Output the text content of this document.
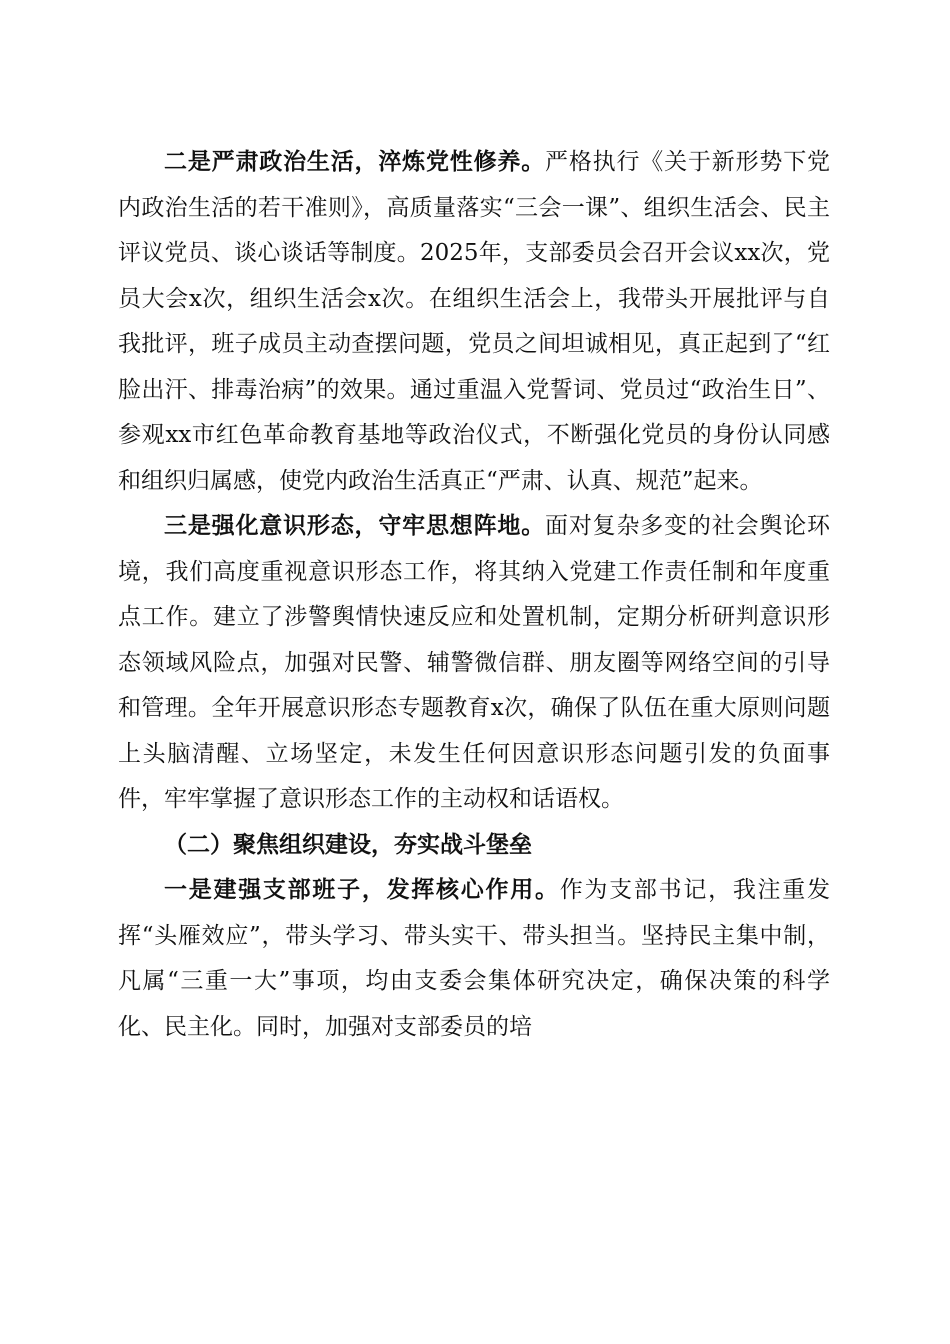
二是严肃政治生活，淬炼党性修养。严格执行《关于新形势下党内政治生活的若干准则》，高质量落实“三会一课”、组织生活会、民主评议党员、谈心谈话等制度。2025年，支部委员会召开会议xx次，党员大会x次，组织生活会x次。在组织生活会上，我带头开展批评与自我批评，班子成员主动查摆问题，党员之间坦诚相见，真正起到了“红脸出汗、排毒治病”的效果。通过重温入党誓词、党员过“政治生日”、参观xx市红色革命教育基地等政治仪式，不断强化党员的身份认同感和组织归属感，使党内政治生活真正“严肃、认真、规范”起来。

三是强化意识形态，守牢思想阵地。面对复杂多变的社会舆论环境，我们高度重视意识形态工作，将其纳入党建工作责任制和年度重点工作。建立了涉警舆情快速反应和处置机制，定期分析研判意识形态领域风险点，加强对民警、辅警微信群、朋友圈等网络空间的引导和管理。全年开展意识形态专题教育x次，确保了队伍在重大原则问题上头脑清醒、立场坚定，未发生任何因意识形态问题引发的负面事件，牢牢掌握了意识形态工作的主动权和话语权。

（二）聚焦组织建设，夯实战斗堡垒

一是建强支部班子，发挥核心作用。作为支部书记，我注重发挥“头雁效应”，带头学习、带头实干、带头担当。坚持民主集中制，凡属“三重一大”事项，均由支委会集体研究决定，确保决策的科学化、民主化。同时，加强对支部委员的培
